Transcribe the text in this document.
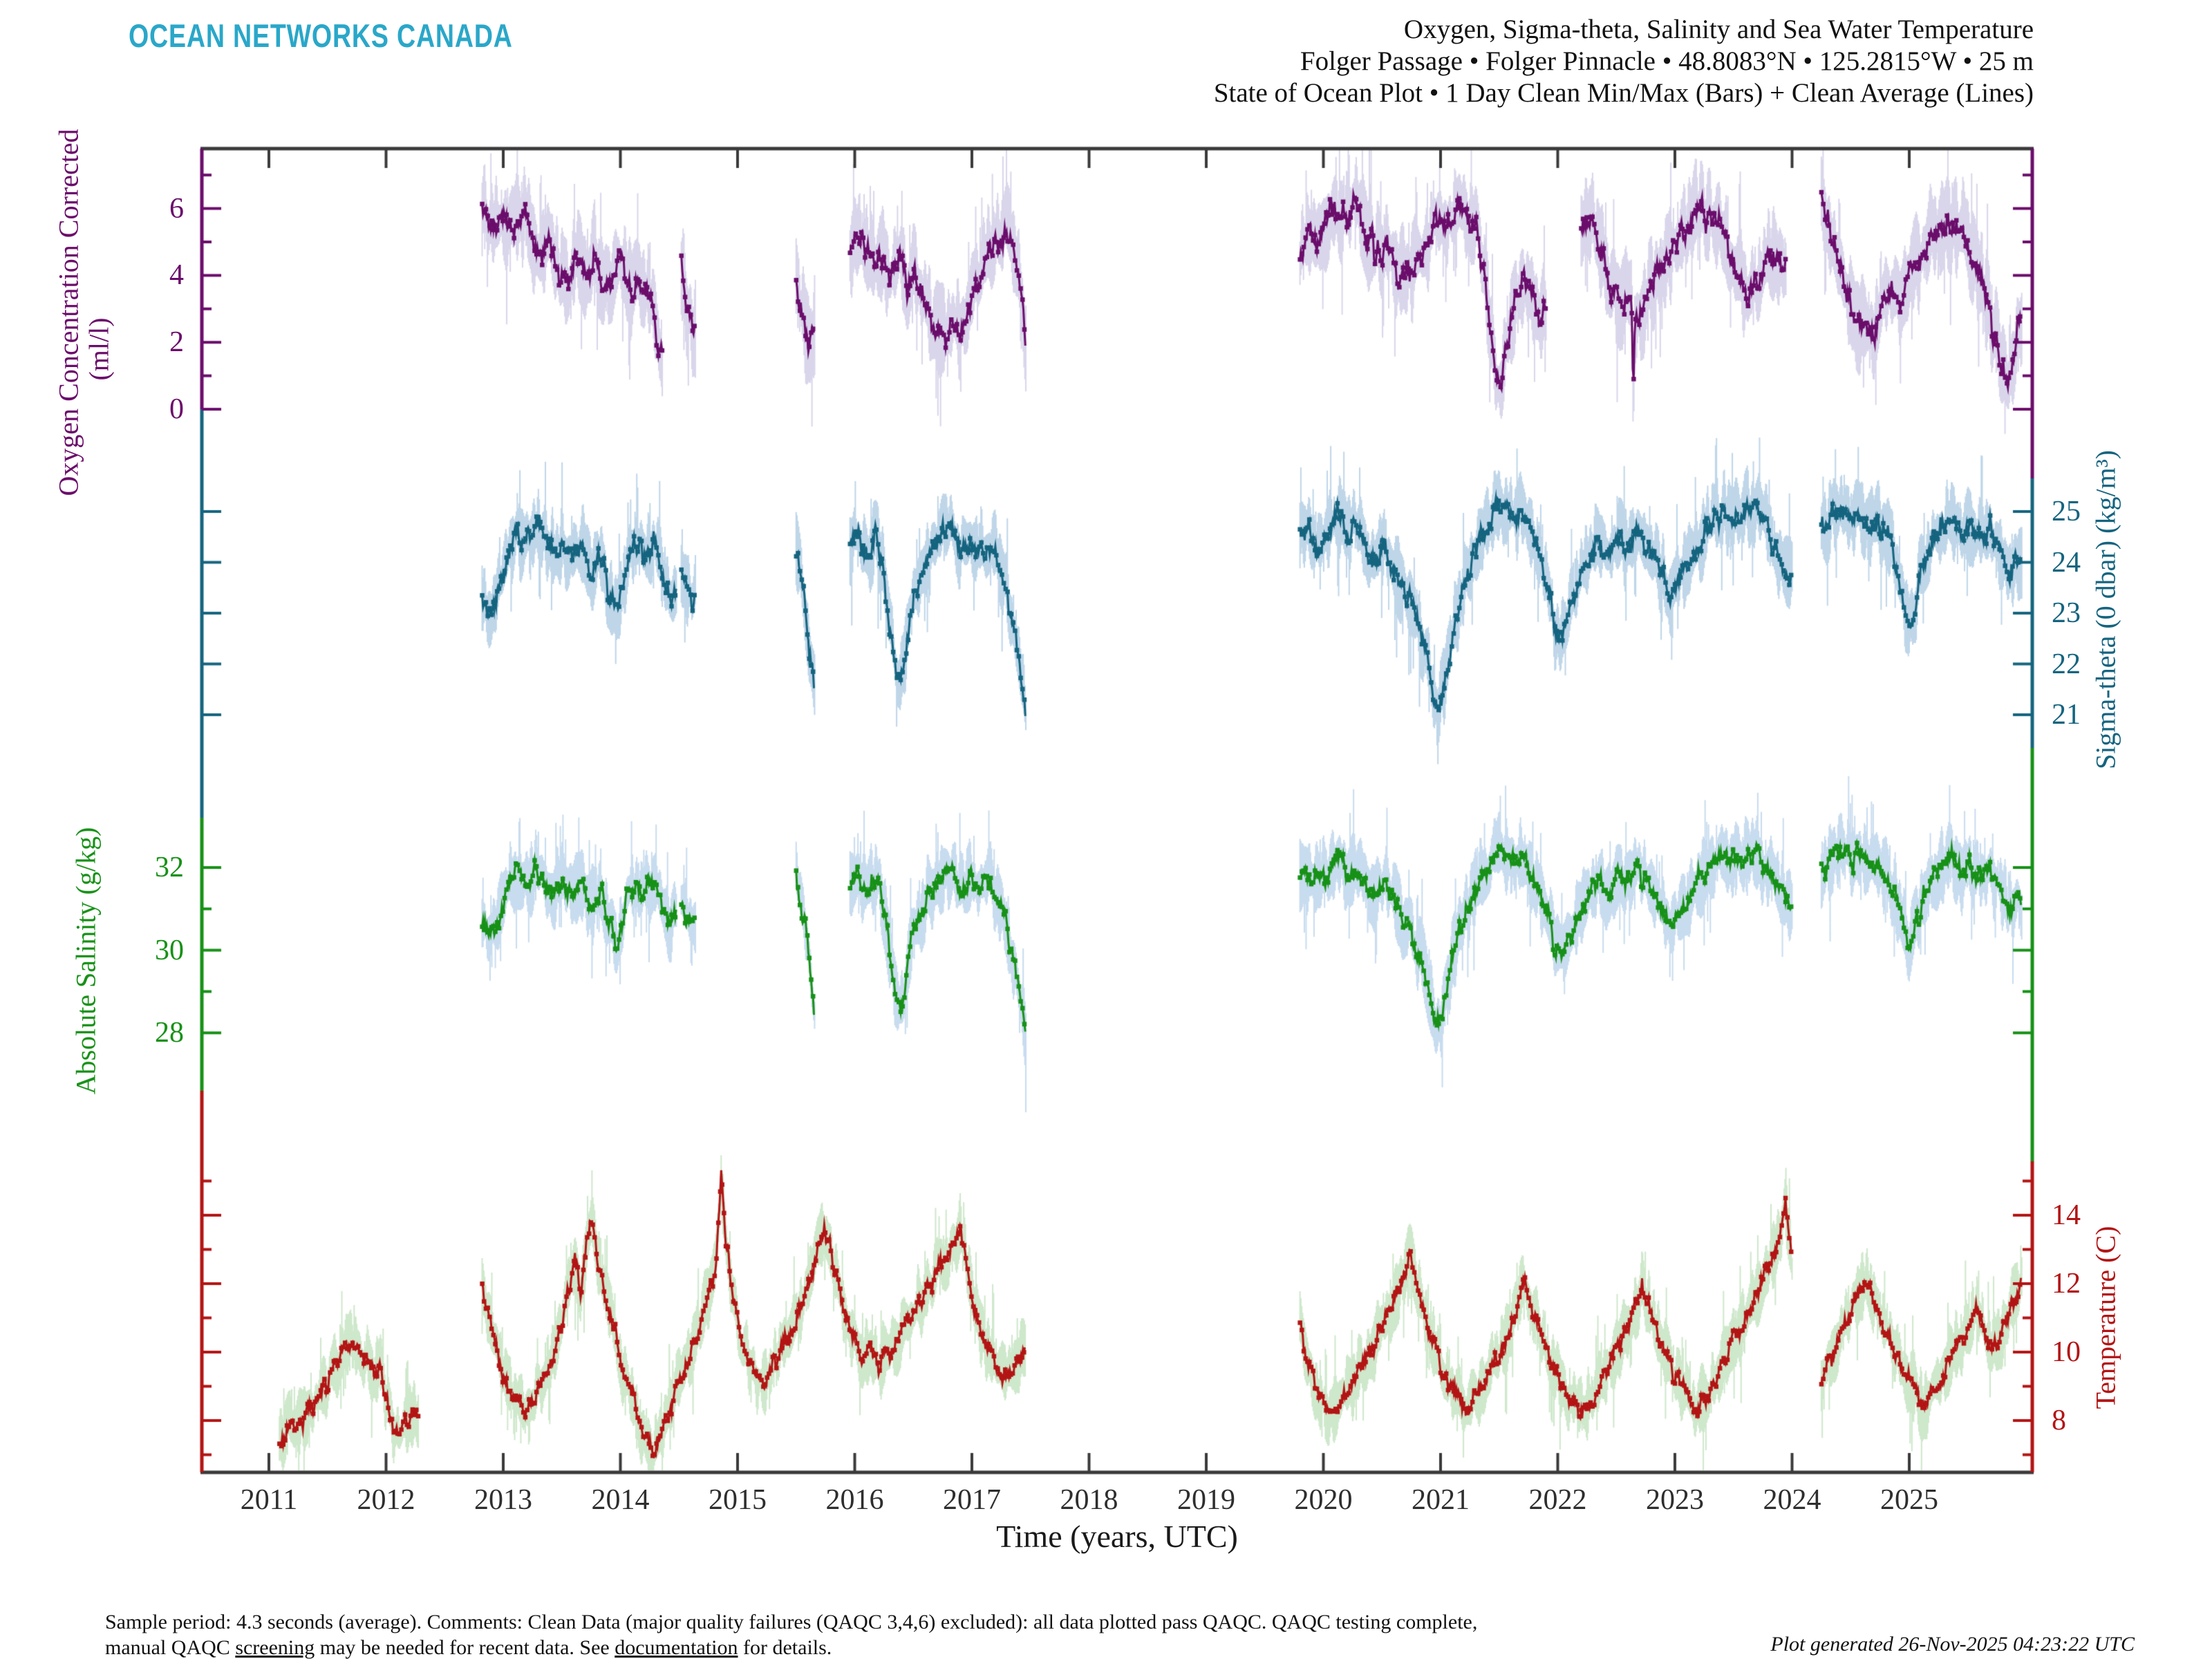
OCEAN NETWORKS CANADA	Oxygen, Sigma-theta, Salinity and Sea Water Temperature
Folger Passage • Folger Pinnacle • 48.8083°N • 125.2815°W • 25 m
State of Ocean Plot • 1 Day Clean Min/Max (Bars) + Clean Average (Lines)
Oxygen Concentration Corrected (ml/l)
Sigma-theta (0 dbar) (kg/m³)
Absolute Salinity (g/kg)
Temperature (C)
Time (years, UTC)
0
2
4
6
21
22
23
24
25
28
30
32
8
10
12
14
2011 2012 2013 2014 2015 2016 2017 2018 2019 2020 2021 2022 2023 2024 2025
Sample period: 4.3 seconds (average). Comments: Clean Data (major quality failures (QAQC 3,4,6) excluded): all data plotted pass QAQC. QAQC testing complete,
manual QAQC screening may be needed for recent data. See documentation for details.	Plot generated 26-Nov-2025 04:23:22 UTC
